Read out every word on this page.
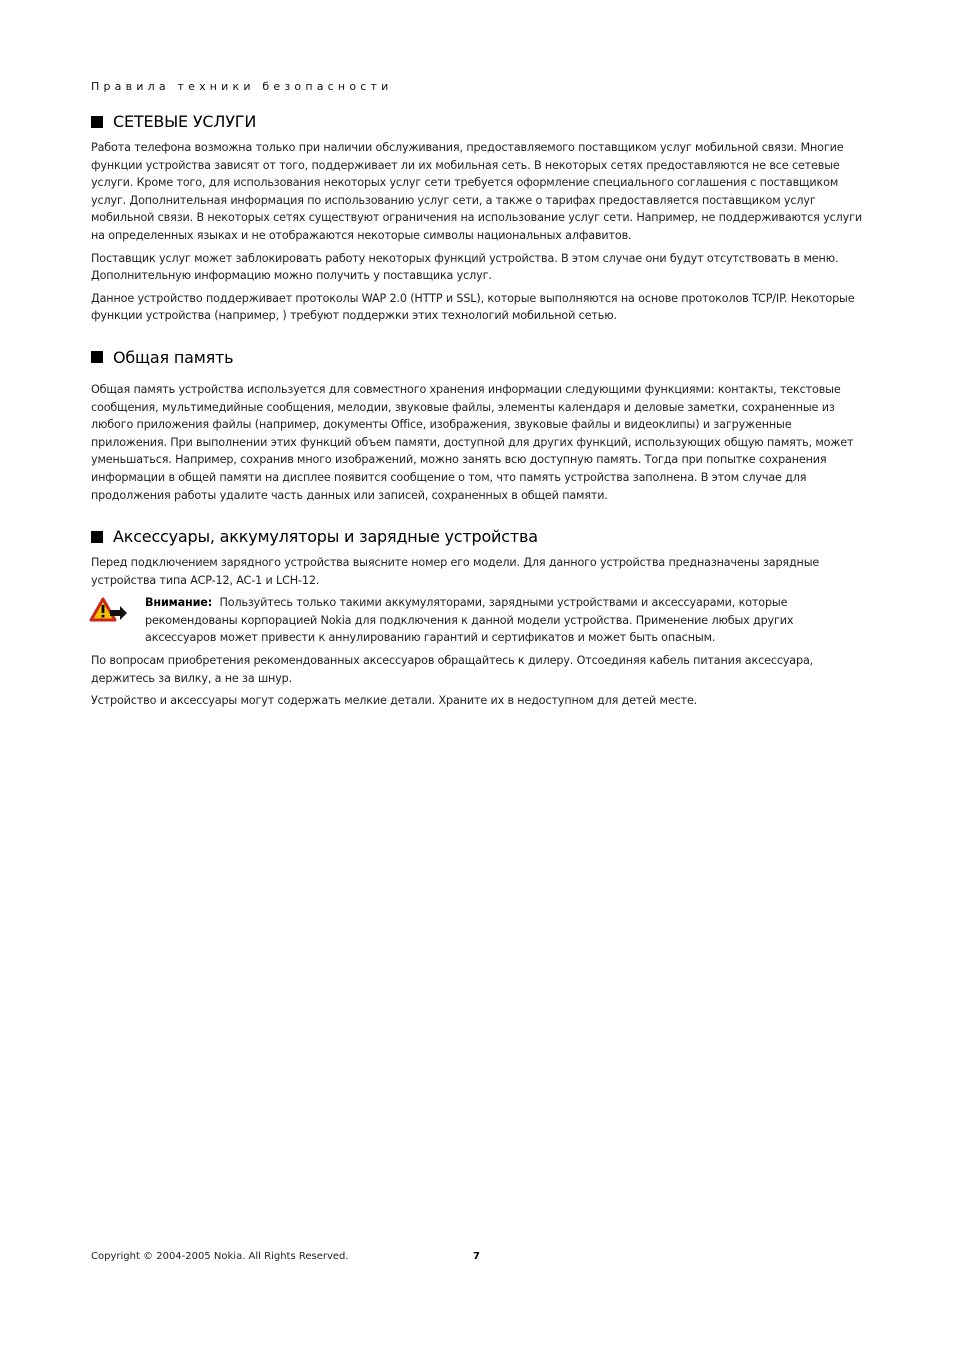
Правила техники безопасности
СЕТЕВЫЕ УСЛУГИ

Работа телефона возможна только при наличии обслуживания, предоставляемого поставщиком услуг мобильной связи. Многие функции устройства зависят от того, поддерживает ли их мобильная сеть. В некоторых сетях предоставляются не все сетевые услуги. Кроме того, для использования некоторых услуг сети требуется оформление специального соглашения с поставщиком услуг. Дополнительная информация по использованию услуг сети, а также о тарифах предоставляется поставщиком услуг мобильной связи. В некоторых сетях существуют ограничения на использование услуг сети. Например, не поддерживаются услуги на определенных языках и не отображаются некоторые символы национальных алфавитов.

Поставщик услуг может заблокировать работу некоторых функций устройства. В этом случае они будут отсутствовать в меню. Дополнительную информацию можно получить у поставщика услуг.

Данное устройство поддерживает протоколы WAP 2.0 (HTTP и SSL), которые выполняются на основе протоколов TCP/IP. Некоторые функции устройства (например, ) требуют поддержки этих технологий мобильной сетью.

Общая память

Общая память устройства используется для совместного хранения информации следующими функциями: контакты, текстовые сообщения, мультимедийные сообщения, мелодии, звуковые файлы, элементы календаря и деловые заметки, сохраненные из любого приложения файлы (например, документы Office, изображения, звуковые файлы и видеоклипы) и загруженные приложения. При выполнении этих функций объем памяти, доступной для других функций, использующих общую память, может уменьшаться. Например, сохранив много изображений, можно занять всю доступную память. Тогда при попытке сохранения информации в общей памяти на дисплее появится сообщение о том, что память устройства заполнена. В этом случае для продолжения работы удалите часть данных или записей, сохраненных в общей памяти.

Аксессуары, аккумуляторы и зарядные устройства

Перед подключением зарядного устройства выясните номер его модели. Для данного устройства предназначены зарядные устройства типа ACP-12, AC-1 и LCH-12.

Внимание: Пользуйтесь только такими аккумуляторами, зарядными устройствами и аксессуарами, которые рекомендованы корпорацией Nokia для подключения к данной модели устройства. Применение любых других аксессуаров может привести к аннулированию гарантий и сертификатов и может быть опасным.

По вопросам приобретения рекомендованных аксессуаров обращайтесь к дилеру. Отсоединяя кабель питания аксессуара, держитесь за вилку, а не за шнур.

Устройство и аксессуары могут содержать мелкие детали. Храните их в недоступном для детей месте.

Copyright © 2004-2005 Nokia. All Rights Reserved.	7
